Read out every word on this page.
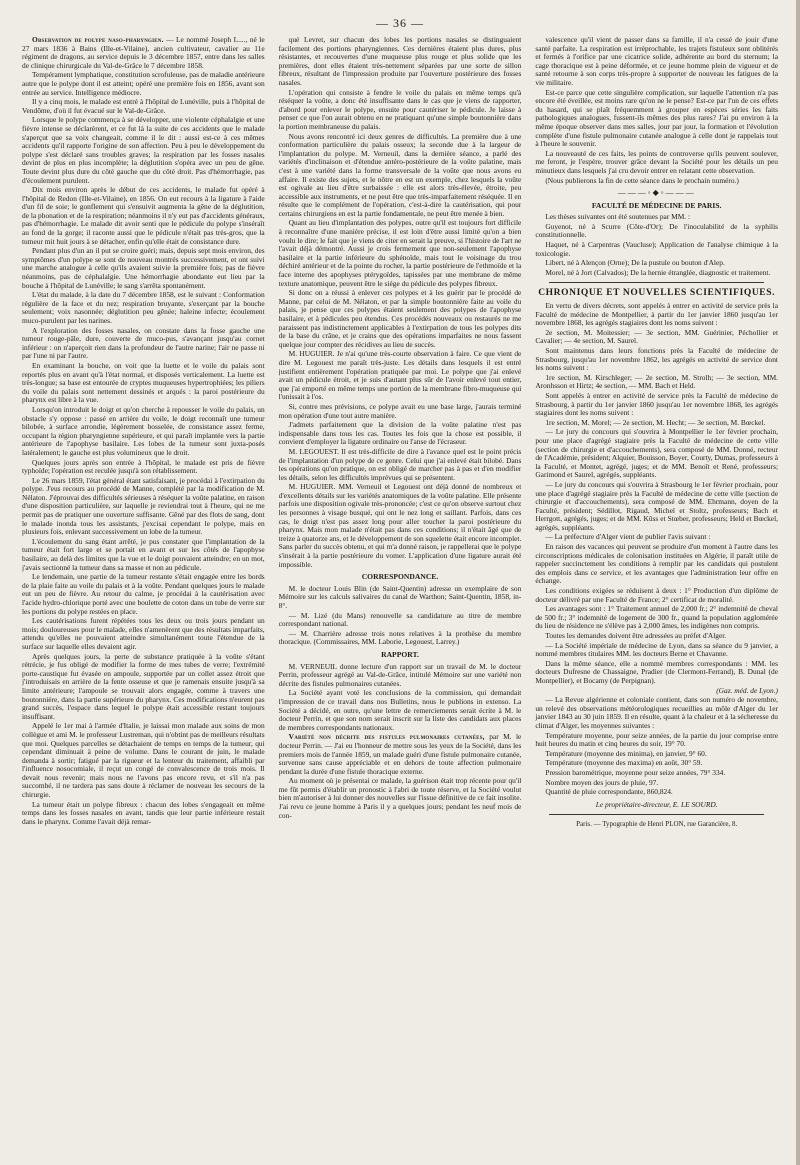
— 36 —

Observation de polype naso-pharyngien. — Le nommé Joseph L...., né le 27 mars 1836 à Bains (Ille-et-Vilaine), ancien cultivateur, cavalier au 11e régiment de dragons, au service depuis le 3 décembre 1857, entre dans les salles de clinique chirurgicale du Val-de-Grâce le 7 décembre 1858.

Tempérament lymphatique, constitution scrofuleuse, pas de maladie antérieure autre que le polype dont il est atteint; opéré une première fois en 1856, avant son entrée au service. Intelligence médiocre.

Il y a cinq mois, le malade est entré à l'hôpital de Lunéville, puis à l'hôpital de Vendôme, d'où il fut évacué sur le Val-de-Grâce.

Lorsque le polype commença à se développer, une violente céphalalgie et une fièvre intense se déclarèrent, et ce fut là la suite de ces accidents que le malade s'aperçut que sa voix changeait, comme il le dit : aussi est-ce à ces mêmes accidents qu'il rapporte l'origine de son affection. Peu à peu le développement du polype s'est déclaré sans troubles graves; la respiration par les fosses nasales devint de plus en plus incomplète; la déglutition s'opéra avec un peu de gêne. Toute devint plus dure du côté gauche que du côté droit. Pas d'hémorrhagie, pas d'écoulement purulent.

Dix mois environ après le début de ces accidents, le malade fut opéré à l'hôpital de Redon (Ille-et-Vilaine), en 1856. On eut recours à la ligature à l'aide d'un fil de soie; le gonflement qui s'ensuivit augmenta la gêne de la déglutition, de la phonation et de la respiration; néanmoins il n'y eut pas d'accidents généraux, pas d'hémorrhagie. Le malade dit avoir senti que le pédicule du polype s'inséraît au fond de la gorge; il raconte aussi que le pédicule n'était pas très-gros, que la tumeur mit huit jours à se détacher, enfin qu'elle était de consistance dure.

Pendant plus d'un an il put se croire guéri; mais, depuis sept mois environ, des symptômes d'un polype se sont de nouveau montrés successivement, et ont suivi une marche analogue à celle qu'ils avaient suivie la première fois; pas de fièvre néanmoins, pas de céphalalgie. Une hémorrhagie abondante eut lieu par la bouche à l'hôpital de Lunéville; le sang s'arrêta spontanément.

L'état du malade, à la date du 7 décembre 1858, est le suivant : Conformation régulière de la face et du nez; respiration bruyante, s'exerçant par la bouche seulement; voix nasonnée; déglutition peu gênée; haleine infecte; écoulement muco-purulent par les narines.

A l'exploration des fosses nasales, on constate dans la fosse gauche une tumeur rouge-pâle, dure, couverte de muco-pus, s'avançant jusqu'au cornet inférieur : on n'aperçoit rien dans la profondeur de l'autre narine; l'air ne passe ni par l'une ni par l'autre.

En examinant la bouche, on voit que la luette et le voile du palais sont reportés plus en avant qu'à l'état normal, et disposés verticalement. La luette est très-longue; sa base est entourée de cryptes muqueuses hypertrophiées; les piliers du voile du palais sont nettement dessinés et arqués : la paroi postérieure du pharynx est libre à la vue.

Lorsqu'on introduit le doigt et qu'on cherche à repousser le voile du palais, un obstacle s'y oppose : passé en arrière du voile, le doigt reconnaît une tumeur bilobée, à surface arrondie, légèrement bosselée, de consistance assez ferme, occupant la région pharyngienne supérieure, et qui paraît implantée vers la partie antérieure de l'apophyse basilaire. Les lobes de la tumeur sont juxta-posés latéralement; le gauche est plus volumineux que le droit.

Quelques jours après son entrée à l'hôpital, le malade est pris de fièvre typhoïde; l'opération est reculée jusqu'à son rétablissement.

Le 26 mars 1859, l'état général étant satisfaisant, je procédai à l'extirpation du polype. J'eus recours au procédé de Manne, complété par la modification de M. Nélaton. J'éprouvai des difficultés sérieuses à réséquer la voûte palatine, en raison d'une disposition particulière, sur laquelle je reviendrai tout à l'heure, qui ne me permit pas de pratiquer une ouverture suffisante. Gêné par des flots de sang, dont le malade inonda tous les assistants, j'excisai cependant le polype, mais en plusieurs fois, enlevant successivement un lobe de la tumeur.

L'écoulement du sang étant arrêté, je pus constater que l'implantation de la tumeur était fort large et se portait en avant et sur les côtés de l'apophyse basilaire, au delà des limites que la vue et le doigt pouvaient atteindre; en un mot, j'avais sectionné la tumeur dans sa masse et non au pédicule.

Le lendemain, une partie de la tumeur restante s'était engagée entre les bords de la plaie faite au voile du palais et à la voûte. Pendant quelques jours le malade eut un peu de fièvre. Au retour du calme, je procédai à la cautérisation avec l'acide hydro-chlorique porté avec une boulette de coton dans un tube de verre sur les portions du polype restées en place.

Les cautérisations furent répétées tous les deux ou trois jours pendant un mois; douloureuses pour le malade, elles n'amenèrent que des résultats imparfaits, attendu qu'elles ne pouvaient atteindre simultanément toute l'étendue de la surface sur laquelle elles devaient agir.

Après quelques jours, la perte de substance pratiquée à la voûte s'étant rétrécie, je fus obligé de modifier la forme de mes tubes de verre; l'extrémité porte-caustique fut évasée en ampoule, supportée par un collet assez étroit que j'introduisais en arrière de la fente osseuse et que je ramenais ensuite jusqu'à sa limite antérieure; l'ampoule se trouvait alors engagée, comme à travers une boutonnière, dans la partie supérieure du pharynx. Ces modifications n'eurent pas grand succès, l'espace dans lequel le polype était accessible restant toujours insuffisant.

Appelé le 1er mai à l'armée d'Italie, je laissai mon malade aux soins de mon collègue et ami M. le professeur Lustreman, qui n'obtint pas de meilleurs résultats que moi. Quelques parcelles se détachaient de temps en temps de la tumeur, qui cependant diminuait à peine de volume. Dans le courant de juin, le malade demanda à sortir; fatigué par la rigueur et la lenteur du traitement, affaibli par l'influence nosocomiale, il reçut un congé de convalescence de trois mois. Il devait nous revenir; mais nous ne l'avons pas encore revu, et s'il n'a pas succombé, il ne tardera pas sans doute à réclamer de nouveau les secours de la chirurgie.

La tumeur était un polype fibreux : chacun des lobes s'engageait en même temps dans les fosses nasales en avant, tandis que leur partie inférieure restait dans le pharynx. Comme l'avait déjà remar-

qué Levret, sur chacun des lobes les portions nasales se distinguaient facilement des portions pharyngiennes. Ces dernières étaient plus dures, plus résistantes, et recouvertes d'une muqueuse plus rouge et plus solide que les premières, dont elles étaient très-nettement séparées par une sorte de sillon fibreux, résultant de l'impression produite par l'ouverture postérieure des fosses nasales.

L'opération qui consiste à fendre le voile du palais en même temps qu'à réséquer la voûte, a donc été insuffisante dans le cas que je viens de rapporter, d'abord pour enlever le polype, ensuite pour cautériser le pédicule. Je laisse à penser ce que l'on aurait obtenu en ne pratiquant qu'une simple boutonnière dans la portion membraneuse du palais.

Nous avons rencontré ici deux genres de difficultés. La première due à une conformation particulière du palais osseux; la seconde due à la largeur de l'implantation du polype. M. Verneuil, dans la dernière séance, a parlé des variétés d'inclinaison et d'étendue antéro-postérieure de la voûte palatine, mais c'est à une variété dans la forme transversale de la voûte que nous avons eu affaire. Il existe des sujets, et le nôtre en est un exemple, chez lesquels la voûte est ogivale au lieu d'être surbaissée : elle est alors très-élevée, étroite, peu accessible aux instruments, et ne peut être que très-imparfaitement réséquée. Il en résulte que le complément de l'opération, c'est-à-dire la cautérisation, qui pour certains chirurgiens en est la partie fondamentale, ne peut être menée à bien.

Quant au lieu d'implantation des polypes, outre qu'il est toujours fort difficile à reconnaître d'une manière précise, il est loin d'être aussi limité qu'on a bien voulu le dire; le fait que je viens de citer en serait la preuve, si l'histoire de l'art ne l'avait déjà démontré. Aussi je crois fermement que non-seulement l'apophyse basilaire et la partie inférieure du sphénoïde, mais tout le voisinage du trou déchiré antérieur et de la pointe du rocher, la partie postérieure de l'ethmoïde et la face interne des apophyses ptérygoïdes, tapissées par une membrane de même texture anatomique, peuvent être le siége du pédicule des polypes fibreux.

Si donc on a réussi à enlever ces polypes et à les guérir par le procédé de Manne, par celui de M. Nélaton, et par la simple boutonnière faite au voile du palais, je pense que ces polypes étaient seulement des polypes de l'apophyse basilaire, et à pédicules peu étendus. Ces procédés nouveaux ou restaurés ne me paraissent pas indistinctement applicables à l'extirpation de tous les polypes dits de la base du crâne, et je crains que des opérations imparfaites ne nous fassent quelque jour compter des récidives au lieu de succès.

M. HUGUIER. Je n'ai qu'une très-courte observation à faire. Ce que vient de dire M. Legouest me paraît très-juste. Les détails dans lesquels il est entré justifient entièrement l'opération pratiquée par moi. Le polype que j'ai enlevé avait un pédicule étroit, et je suis d'autant plus sûr de l'avoir enlevé tout entier, que j'ai emporté en même temps une portion de la membrane fibro-muqueuse qui l'unissait à l'os.

Si, contre mes prévisions, ce polype avait eu une base large, j'aurais terminé mon opération d'une tout autre manière.

J'admets parfaitement que la division de la voûte palatine n'est pas indispensable dans tous les cas. Toutes les fois que la chose est possible, il convient d'employer la ligature ordinaire ou l'anse de l'écraseur.

M. LEGOUEST. Il est très-difficile de dire à l'avance quel est le point précis de l'implantation d'un polype de ce genre. Celui que j'ai enlevé était bilobé. Dans les opérations qu'on pratique, on est obligé de marcher pas à pas et d'en modifier les détails, selon les difficultés imprévues qui se présentent.

M. HUGUIER. MM. Verneuil et Legouest ont déjà donné de nombreux et d'excellents détails sur les variétés anatomiques de la voûte palatine. Elle présente parfois une disposition ogivale très-prononcée; c'est ce qu'on observe surtout chez les personnes à visage busqué, qui ont le nez long et saillant. Parfois, dans ces cas, le doigt n'est pas assez long pour aller toucher la paroi postérieure du pharynx. Mais mon malade n'était pas dans ces conditions; il n'était âgé que de treize à quatorze ans, et le développement de son squelette était encore incomplet. Sans parler du succès obtenu, et qui m'a donné raison, je rappellerai que le polype s'insérait à la partie postérieure du vomer. L'application d'une ligature aurait été impossible.

CORRESPONDANCE.

M. le docteur Louis Blin (de Saint-Quentin) adresse un exemplaire de son Mémoire sur les calculs salivaires du canal de Warthon; Saint-Quentin, 1858, in-8°.

— M. Lizé (du Mans) renouvelle sa candidature au titre de membre correspondant national.

— M. Charrière adresse trois notes relatives à la prothèse du membre thoracique. (Commissaires, MM. Laborie, Legouest, Larrey.)

RAPPORT.

M. VERNEUIL donne lecture d'un rapport sur un travail de M. le docteur Perrin, professeur agrégé au Val-de-Grâce, intitulé Mémoire sur une variété non décrite des fistules pulmonaires cutanées.

La Société ayant voté les conclusions de la commission, qui demandait l'impression de ce travail dans nos Bulletins, nous le publions in extenso. La Société a décidé, en outre, qu'une lettre de remerciements serait écrite à M. le docteur Perrin, et que son nom serait inscrit sur la liste des candidats aux places de membres correspondants nationaux.

Variété non décrite des fistules pulmonaires cutanées, par M. le docteur Perrin. — J'ai eu l'honneur de mettre sous les yeux de la Société, dans les premiers mois de l'année 1859, un malade guéri d'une fistule pulmonaire cutanée, survenue sans cause appréciable et en dehors de toute affection pulmonaire pendant la durée d'une fistule thoracique externe.

Au moment où je présentai ce malade, la guérison était trop récente pour qu'il me fût permis d'établir un pronostic à l'abri de toute réserve, et la Société voulut bien m'autoriser à lui donner des nouvelles sur l'issue définitive de ce fait insolite. J'ai revu ce jeune homme à Paris il y a quelques jours; pendant les neuf mois de con-

valescence qu'il vient de passer dans sa famille, il n'a cessé de jouir d'une santé parfaite. La respiration est irréprochable, les trajets fistuleux sont oblitérés et fermés à l'orifice par une cicatrice solide, adhérente au bord du sternum; la cage thoracique est à peine déformée, et ce jeune homme plein de vigueur et de santé retourne à son corps très-propre à supporter de nouveau les fatigues de la vie militaire.

Est-ce parce que cette singulière complication, sur laquelle l'attention n'a pas encore été éveillée, est moins rare qu'on ne le pense? Est-ce par l'un de ces effets du hasard, qui se plaît fréquemment à grouper en espèces séries les faits pathologiques analogues, fussent-ils mêmes des plus rares? J'ai pu environ à la même époque observer dans mes salles, jour par jour, la formation et l'évolution complète d'une fistule pulmonaire cutanée analogue à celle dont je rappelais tout à l'heure le souvenir.

La nouveauté de ces faits, les points de controverse qu'ils peuvent soulever, me feront, je l'espère, trouver grâce devant la Société pour les détails un peu minutieux dans lesquels j'ai cru devoir entrer en relatant cette observation.

(Nous publierons la fin de cette séance dans le prochain numéro.)

———◦◆◦———

FACULTÉ DE MÉDECINE DE PARIS.

Les thèses suivantes ont été soutenues par MM. :

Guyenot, né à Scurre (Côte-d'Or); De l'inoculabilité de la syphilis constitutionnelle.

Haquet, né à Carpentras (Vaucluse); Application de l'analyse chimique à la toxicologie.

Libert, né à Alençon (Orne); De la pustule ou bouton d'Alep.

Morel, né à Jort (Calvados); De la hernie étranglée, diagnostic et traitement.

CHRONIQUE ET NOUVELLES SCIENTIFIQUES.

En vertu de divers décrets, sont appelés à entrer en activité de service près la Faculté de médecine de Montpellier, à partir du 1er janvier 1860 jusqu'au 1er novembre 1868, les agrégés stagiaires dont les noms suivent :

2e section, M. Moitessier; — 3e section, MM. Guérinier, Péchollier et Cavalier; — 4e section, M. Saurel.

Sont maintenus dans leurs fonctions près la Faculté de médecine de Strasbourg, jusqu'au 1er novembre 1862, les agrégés en activité de service dont les noms suivent :

1re section, M. Kirschleger; — 2e section, M. Strolh; — 3e section, MM. Aronhsson et Hirtz; 4e section, — MM. Bach et Held.

Sont appelés à entrer en activité de service près la Faculté de médecine de Strasbourg, à partir du 1er janvier 1860 jusqu'au 1er novembre 1868, les agrégés stagiaires dont les noms suivent :

1re section, M. Morel; — 2e section, M. Hecht; — 3e section, M. Bœckel.

— Le jury du concours qui s'ouvrira à Montpellier le 1er février prochain, pour une place d'agrégé stagiaire près la Faculté de médecine de cette ville (section de chirurgie et d'accouchements), sera composé de MM. Donné, recteur de l'Académie, président; Alquier, Bouisson, Boyer, Courty, Dumas, professeurs à la Faculté, et Montet, agrégé, juges; et de MM. Benoît et René, professeurs; Garimond et Saurel, agrégés, suppléants.

— Le jury du concours qui s'ouvrira à Strasbourg le 1er février prochain, pour une place d'agrégé stagiaire près la Faculté de médecine de cette ville (section de chirurgie et d'accouchements), sera composé de MM. Ehrmann, doyen de la Faculté, président; Sédillot, Rigaud, Michel et Stoltz, professeurs; Bach et Herrgott, agrégés, juges; et de MM. Kûss et Stœber, professeurs; Held et Bœckel, agrégés, suppléants.

— La préfecture d'Alger vient de publier l'avis suivant :

En raison des vacances qui peuvent se produire d'un moment à l'autre dans les circonscriptions médicales de colonisation instituées en Algérie, il paraît utile de rappeler succinctement les conditions à remplir par les candidats qui postulent des emplois dans ce service, et les avantages que l'administration leur offre en échange.

Les conditions exigées se réduisent à deux : 1° Production d'un diplôme de docteur délivré par une Faculté de France; 2° certificat de moralité.

Les avantages sont : 1° Traitement annuel de 2,000 fr.; 2° indemnité de cheval de 500 fr.; 3° indemnité de logement de 300 fr., quand la population agglomérée du lieu de résidence ne s'élève pas à 2,000 âmes, les indigènes non compris.

Toutes les demandes doivent être adressées au préfet d'Alger.

— La Société impériale de médecine de Lyon, dans sa séance du 9 janvier, a nommé membres titulaires MM. les docteurs Berne et Chavanne.

Dans la même séance, elle a nommé membres correspondants : MM. les docteurs Dufresne de Chassaigne, Pradier (de Clermont-Ferrand), B. Dunal (de Montpellier), et Bocamy (de Perpignan).

(Gaz. méd. de Lyon.)

— La Revue algérienne et coloniale contient, dans son numéro de novembre, un relevé des observations météorologiques recueillies au môle d'Alger du 1er janvier 1843 au 30 juin 1859. Il en résulte, quant à la chaleur et à la sécheresse du climat d'Alger, les moyennes suivantes :

Température moyenne, pour seize années, de la partie du jour comprise entre huit heures du matin et cinq heures du soir, 19° 70.

Température (moyenne des minima), en janvier, 9° 60.

Température (moyenne des maxima) en août, 30° 59.

Pression barométrique, moyenne pour seize années, 79° 334.

Nombre moyen des jours de pluie, 97.

Quantité de pluie correspondante, 860,824.

Le propriétaire-directeur, E. LE SOURD.

Paris. — Typographie de Henri PLON, rue Garancière, 8.
